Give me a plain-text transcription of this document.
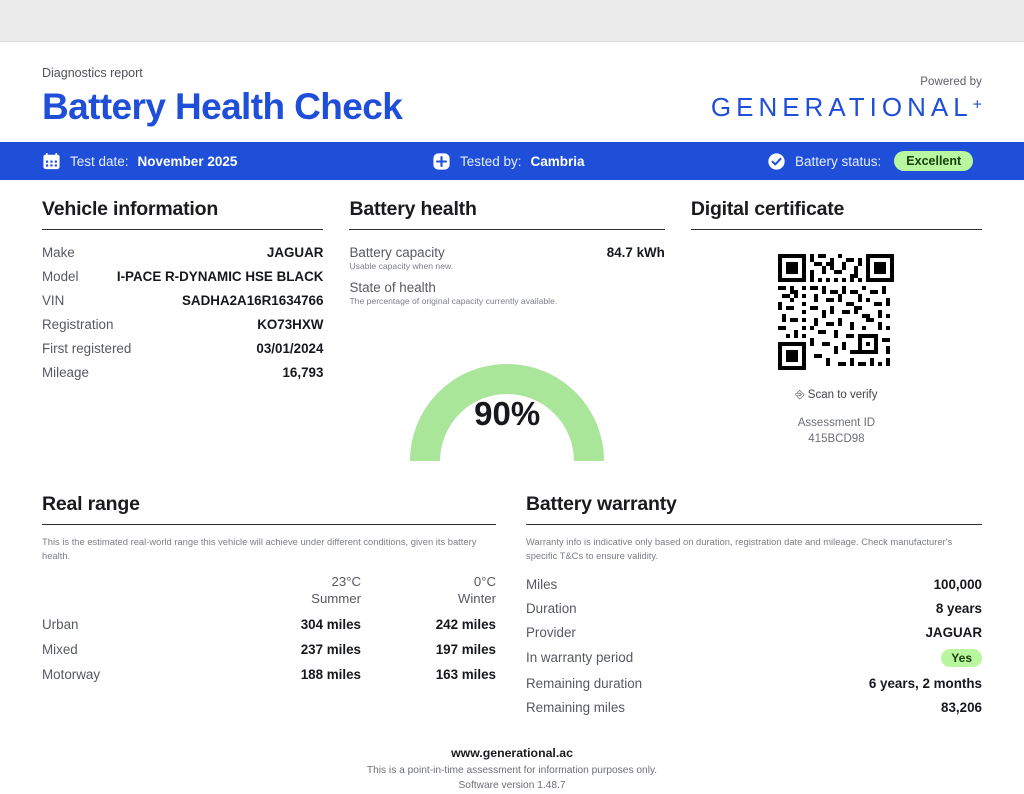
Diagnostics report
Battery Health Check
Powered by
GENERATIONAL+
Test date: November 2025	Tested by: Cambria	Battery status:	Excellent
Vehicle information
Make	JAGUAR
Model	I-PACE R-DYNAMIC HSE BLACK
VIN	SADHA2A16R1634766
Registration	KO73HXW
First registered	03/01/2024
Mileage	16,793
Battery health
Battery capacity	84.7 kWh
Usable capacity when new.
State of health
The percentage of original capacity currently available.
90%
Digital certificate
⎆ Scan to verify
Assessment ID
415BCD98
Real range
This is the estimated real-world range this vehicle will achieve under different conditions, given its battery health.
23°C
Summer
0°C
Winter
Urban	304 miles	242 miles
Mixed	237 miles	197 miles
Motorway	188 miles	163 miles
Battery warranty
Warranty info is indicative only based on duration, registration date and mileage. Check manufacturer's specific T&Cs to ensure validity.
Miles	100,000
Duration	8 years
Provider	JAGUAR
In warranty period	Yes
Remaining duration	6 years, 2 months
Remaining miles	83,206
www.generational.ac
This is a point-in-time assessment for information purposes only.
Software version 1.48.7
